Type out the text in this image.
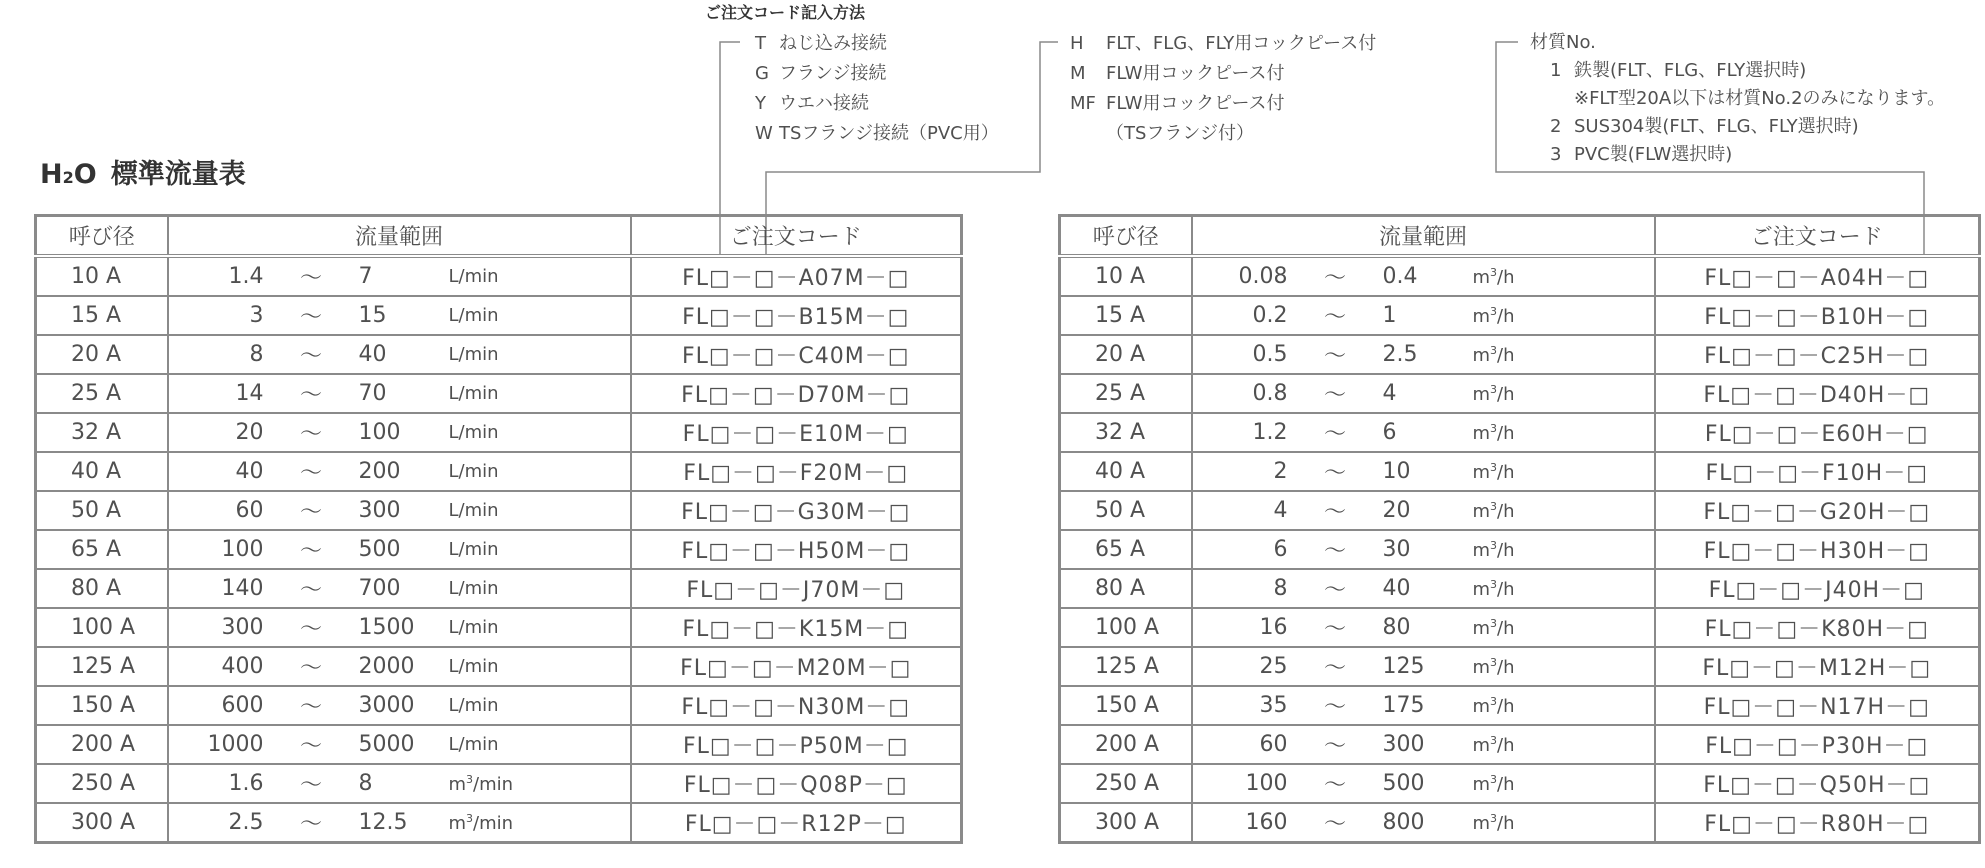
ご注文コード記入方法
T ねじ込み接続
G フランジ接続
Y ウエハ接続
W TSフランジ接続（PVC用）
H	FLT、FLG、FLY用コックピース付
M	FLW用コックピース付
MF FLW用コックピース付
（TSフランジ付）
材質No.
1 鉄製(FLT、FLG、FLY選択時)
※FLT型20A以下は材質No.2のみになります。
2 SUS304製(FLT、FLG、FLY選択時)
3 PVC製(FLW選択時)
H 2 O 標準流量表
呼び径	流量範囲	ご注文コード
10 A	1.4 ～ 7 L/min	FL□－□－A07M－□
15 A	3 ～ 15 L/min	FL□－□－B15M－□
20 A	8 ～ 40 L/min	FL□－□－C40M－□
25 A	14 ～ 70 L/min	FL□－□－D70M－□
32 A	20 ～ 100 L/min	FL□－□－E10M－□
40 A	40 ～ 200 L/min	FL□－□－F20M－□
50 A	60 ～ 300 L/min	FL□－□－G30M－□
65 A	100 ～ 500 L/min	FL□－□－H50M－□
80 A	140 ～ 700 L/min	FL□－□－J70M－□
100 A	300 ～ 1500 L/min	FL□－□－K15M－□
125 A	400 ～ 2000 L/min	FL□－□－M20M－□
150 A	600 ～ 3000 L/min	FL□－□－N30M－□
200 A	1000 ～ 5000 L/min	FL□－□－P50M－□
250 A	1.6 ～ 8 $m^3/\min$	FL□－□－Q08P－□
300 A	2.5 ～ 12.5 $m^3/\min$	FL□－□－R12P－□
呼び径	流量範囲	ご注文コード
10 A	0.08 ～ 0.4 $m^3/h$	FL□－□－A04H－□
15 A	0.2 ～ 1 $m^3/h$	FL□－□－B10H－□
20 A	0.5 ～ 2.5 $m^3/h$	FL□－□－C25H－□
25 A	0.8 ～ 4 $m^3/h$	FL□－□－D40H－□
32 A	1.2 ～ 6 $m^3/h$	FL□－□－E60H－□
40 A	2 ～ 10 $m^3/h$	FL□－□－F10H－□
50 A	4 ～ 20 $m^3/h$	FL□－□－G20H－□
65 A	6 ～ 30 $m^3/h$	FL□－□－H30H－□
80 A	8 ～ 40 $m^3/h$	FL□－□－J40H－□
100 A	16 ～ 80 $m^3/h$	FL□－□－K80H－□
125 A	25 ～ 125 $m^3/h$	FL□－□－M12H－□
150 A	35 ～ 175 $m^3/h$	FL□－□－N17H－□
200 A	60 ～ 300 $m^3/h$	FL□－□－P30H－□
250 A	100 ～ 500 $m^3/h$	FL□－□－Q50H－□
300 A	160 ～ 800 $m^3/h$	FL□－□－R80H－□
